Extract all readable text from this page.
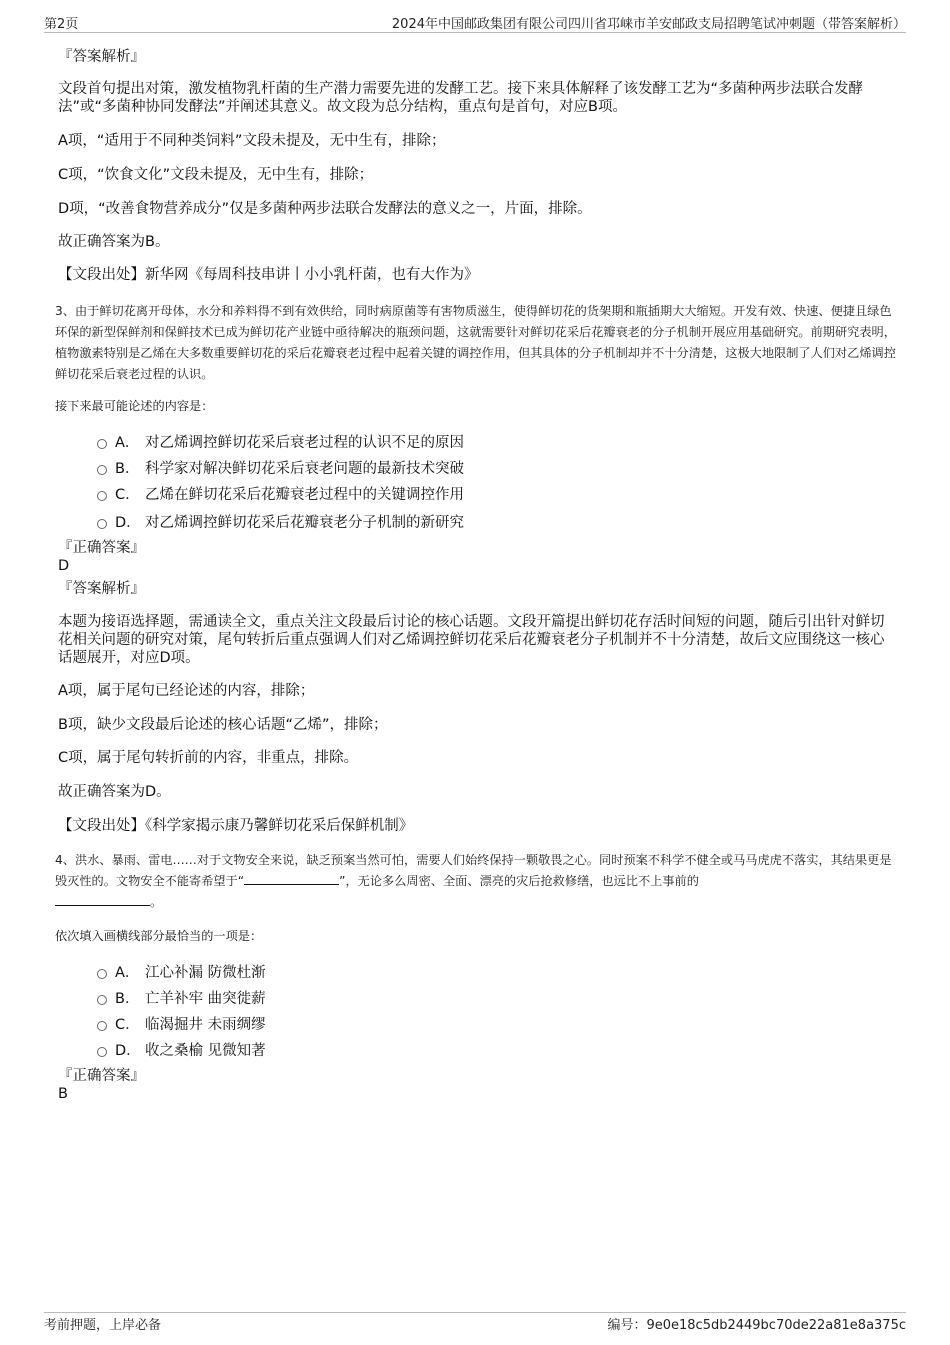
第2页	2024年中国邮政集团有限公司四川省邛崃市羊安邮政支局招聘笔试冲刺题（带答案解析）
『答案解析』
文段首句提出对策，激发植物乳杆菌的生产潜力需要先进的发酵工艺。接下来具体解释了该发酵工艺为“多菌种两步法联合发酵法”或“多菌种协同发酵法”并阐述其意义。故文段为总分结构，重点句是首句，对应B项。
A项，“适用于不同种类饲料”文段未提及，无中生有，排除；
C项，“饮食文化”文段未提及，无中生有，排除；
D项，“改善食物营养成分”仅是多菌种两步法联合发酵法的意义之一，片面，排除。
故正确答案为B。
【文段出处】新华网《每周科技串讲丨小小乳杆菌，也有大作为》
3、由于鲜切花离开母体，水分和养料得不到有效供给，同时病原菌等有害物质滋生，使得鲜切花的货架期和瓶插期大大缩短。开发有效、快速、便捷且绿色环保的新型保鲜剂和保鲜技术已成为鲜切花产业链中亟待解决的瓶颈问题，这就需要针对鲜切花采后花瓣衰老的分子机制开展应用基础研究。前期研究表明，植物激素特别是乙烯在大多数重要鲜切花的采后花瓣衰老过程中起着关键的调控作用，但其具体的分子机制却并不十分清楚，这极大地限制了人们对乙烯调控鲜切花采后衰老过程的认识。
接下来最可能论述的内容是：
A． 对乙烯调控鲜切花采后衰老过程的认识不足的原因
B． 科学家对解决鲜切花采后衰老问题的最新技术突破
C． 乙烯在鲜切花采后花瓣衰老过程中的关键调控作用
D． 对乙烯调控鲜切花采后花瓣衰老分子机制的新研究
『正确答案』
D
『答案解析』
本题为接语选择题，需通读全文，重点关注文段最后讨论的核心话题。文段开篇提出鲜切花存活时间短的问题，随后引出针对鲜切花相关问题的研究对策，尾句转折后重点强调人们对乙烯调控鲜切花采后花瓣衰老分子机制并不十分清楚，故后文应围绕这一核心话题展开，对应D项。
A项，属于尾句已经论述的内容，排除；
B项，缺少文段最后论述的核心话题“乙烯”，排除；
C项，属于尾句转折前的内容，非重点，排除。
故正确答案为D。
【文段出处】《科学家揭示康乃馨鲜切花采后保鲜机制》
4、洪水、暴雨、雷电……对于文物安全来说，缺乏预案当然可怕，需要人们始终保持一颗敬畏之心。同时预案不科学不健全或马马虎虎不落实，其结果更是毁灭性的。文物安全不能寄希望于“	”，无论多么周密、全面、漂亮的灾后抢救修缮，也远比不上事前的
。
依次填入画横线部分最恰当的一项是：
A． 江心补漏 防微杜渐
B． 亡羊补牢 曲突徙薪
C． 临渴掘井 未雨绸缪
D． 收之桑榆 见微知著
『正确答案』
B
考前押题，上岸必备	编号：9e0e18c5db2449bc70de22a81e8a375c
